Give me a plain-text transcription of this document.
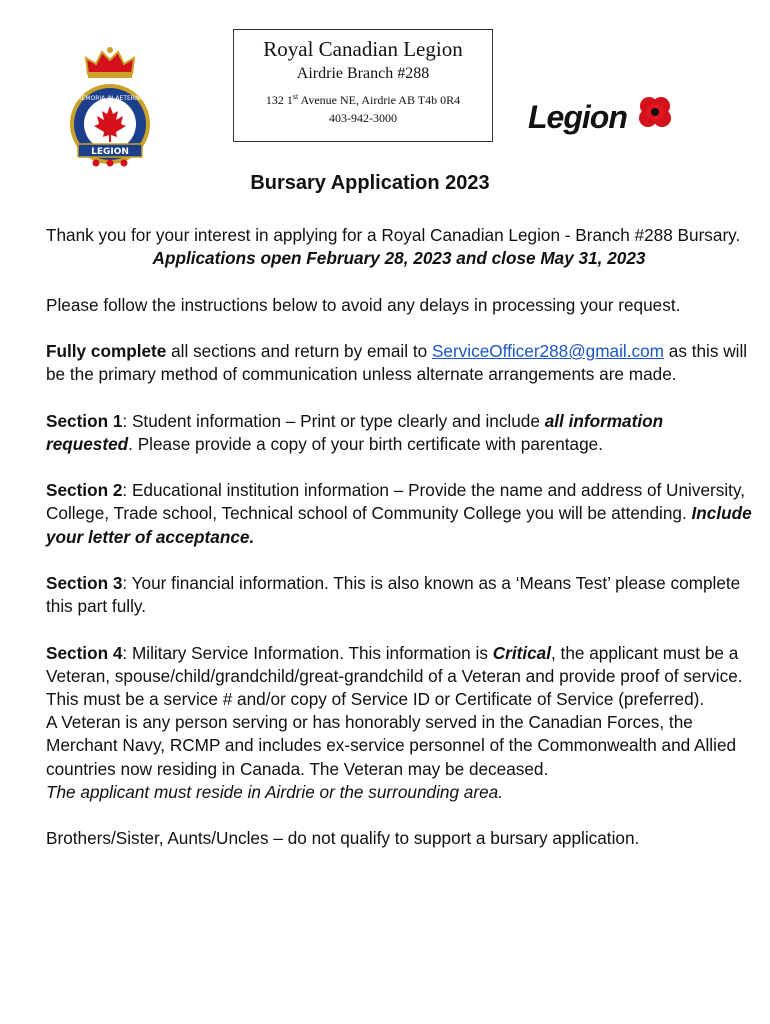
MEMORIA IN AETERNA
LEGION
Royal Canadian Legion
Airdrie Branch #288
132 1st Avenue NE, Airdrie AB T4b 0R4
403-942-3000	Legion
Bursary Application 2023

Thank you for your interest in applying for a Royal Canadian Legion - Branch #288 Bursary.

Applications open February 28, 2023 and close May 31, 2023

Please follow the instructions below to avoid any delays in processing your request.

Fully complete all sections and return by email to ServiceOfficer288@gmail.com as this will be the primary method of communication unless alternate arrangements are made.

Section 1: Student information – Print or type clearly and include all information requested. Please provide a copy of your birth certificate with parentage.

Section 2: Educational institution information – Provide the name and address of University, College, Trade school, Technical school of Community College you will be attending. Include your letter of acceptance.

Section 3: Your financial information. This is also known as a ‘Means Test’ please complete this part fully.

Section 4: Military Service Information. This information is Critical, the applicant must be a Veteran, spouse/child/grandchild/great-grandchild of a Veteran and provide proof of service. This must be a service # and/or copy of Service ID or Certificate of Service (preferred).

A Veteran is any person serving or has honorably served in the Canadian Forces, the Merchant Navy, RCMP and includes ex-service personnel of the Commonwealth and Allied countries now residing in Canada. The Veteran may be deceased.

The applicant must reside in Airdrie or the surrounding area.

Brothers/Sister, Aunts/Uncles – do not qualify to support a bursary application.
